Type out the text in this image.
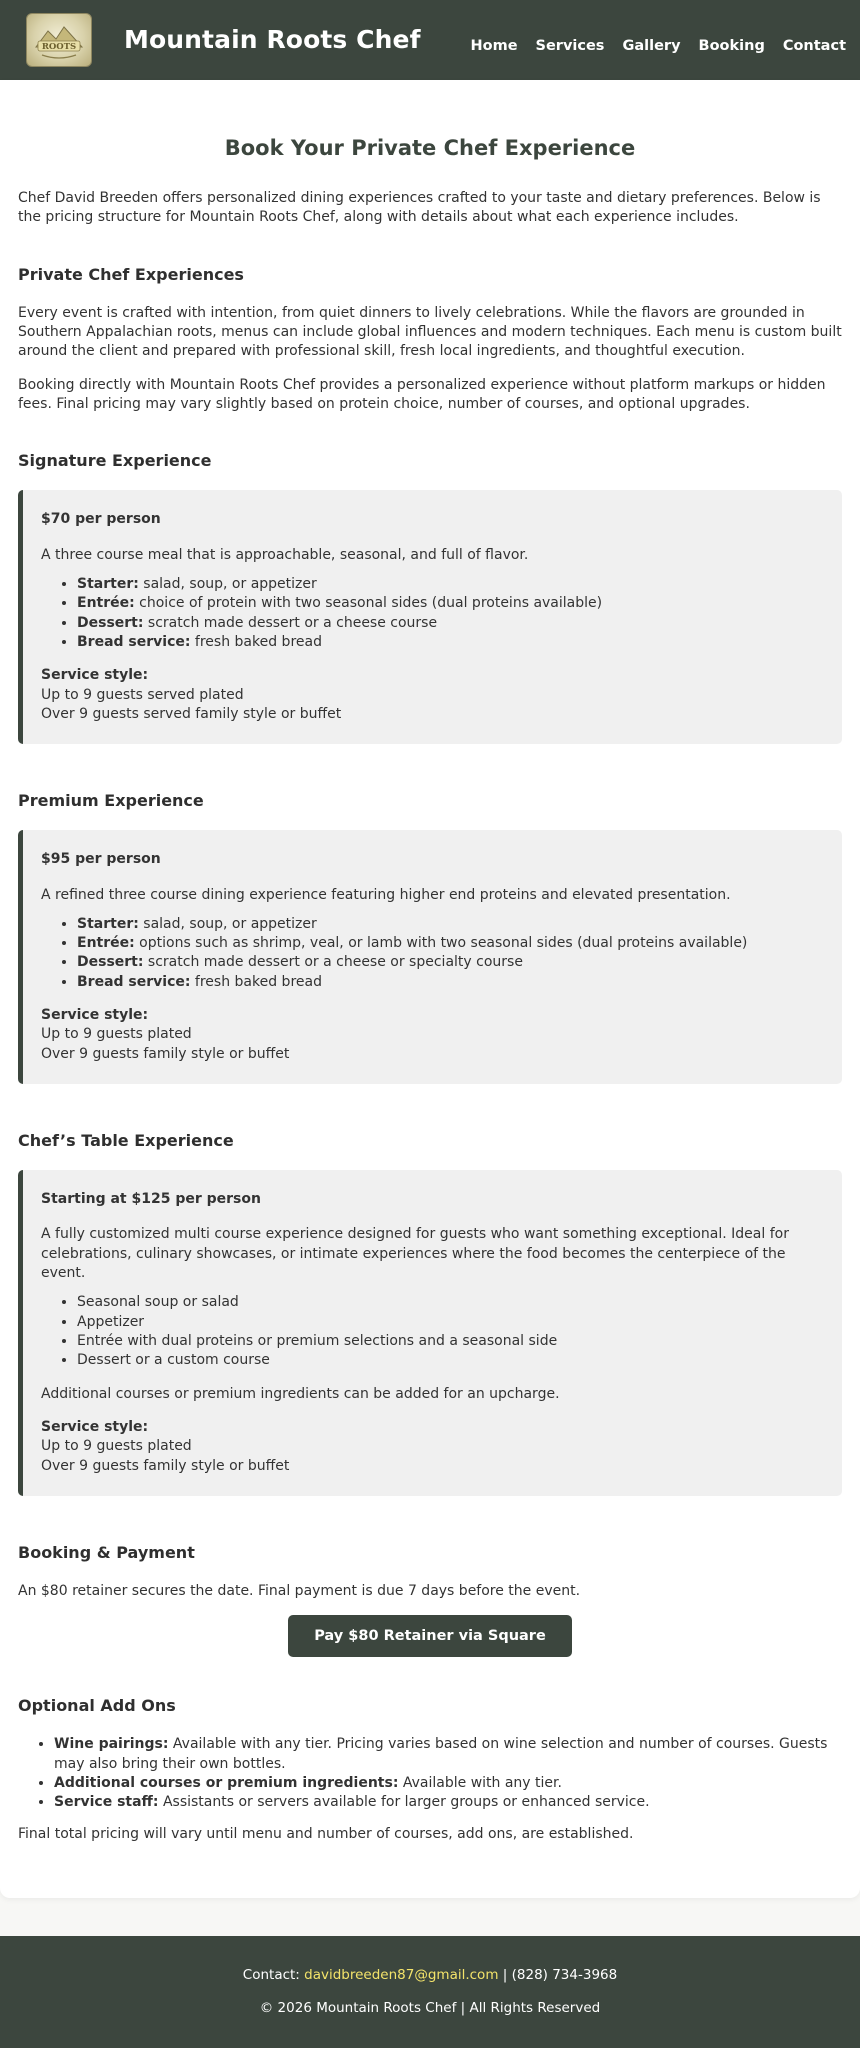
ROOTS Mountain Roots Chef	Home Services Gallery Booking Contact
Book Your Private Chef Experience

Chef David Breeden offers personalized dining experiences crafted to your taste and dietary preferences. Below is the pricing structure for Mountain Roots Chef, along with details about what each experience includes.

Private Chef Experiences

Every event is crafted with intention, from quiet dinners to lively celebrations. While the flavors are grounded in Southern Appalachian roots, menus can include global influences and modern techniques. Each menu is custom built around the client and prepared with professional skill, fresh local ingredients, and thoughtful execution.

Booking directly with Mountain Roots Chef provides a personalized experience without platform markups or hidden fees. Final pricing may vary slightly based on protein choice, number of courses, and optional upgrades.

Signature Experience

$70 per person

A three course meal that is approachable, seasonal, and full of flavor.

• Starter: salad, soup, or appetizer
• Entrée: choice of protein with two seasonal sides (dual proteins available)
• Dessert: scratch made dessert or a cheese course
• Bread service: fresh baked bread

Service style:

Up to 9 guests served plated

Over 9 guests served family style or buffet

Premium Experience

$95 per person

A refined three course dining experience featuring higher end proteins and elevated presentation.

• Starter: salad, soup, or appetizer
• Entrée: options such as shrimp, veal, or lamb with two seasonal sides (dual proteins available)
• Dessert: scratch made dessert or a cheese or specialty course
• Bread service: fresh baked bread

Service style:

Up to 9 guests plated

Over 9 guests family style or buffet

Chef’s Table Experience

Starting at $125 per person

A fully customized multi course experience designed for guests who want something exceptional. Ideal for celebrations, culinary showcases, or intimate experiences where the food becomes the centerpiece of the event.

• Seasonal soup or salad
• Appetizer
• Entrée with dual proteins or premium selections and a seasonal side
• Dessert or a custom course

Additional courses or premium ingredients can be added for an upcharge.

Service style:

Up to 9 guests plated

Over 9 guests family style or buffet

Booking & Payment

An $80 retainer secures the date. Final payment is due 7 days before the event.

Pay $80 Retainer via Square
Optional Add Ons
• Wine pairings: Available with any tier. Pricing varies based on wine selection and number of courses. Guests may also bring their own bottles.
• Additional courses or premium ingredients: Available with any tier.
• Service staff: Assistants or servers available for larger groups or enhanced service.

Final total pricing will vary until menu and number of courses, add ons, are established.

Contact: davidbreeden87@gmail.com | (828) 734-3968
© 2026 Mountain Roots Chef | All Rights Reserved
